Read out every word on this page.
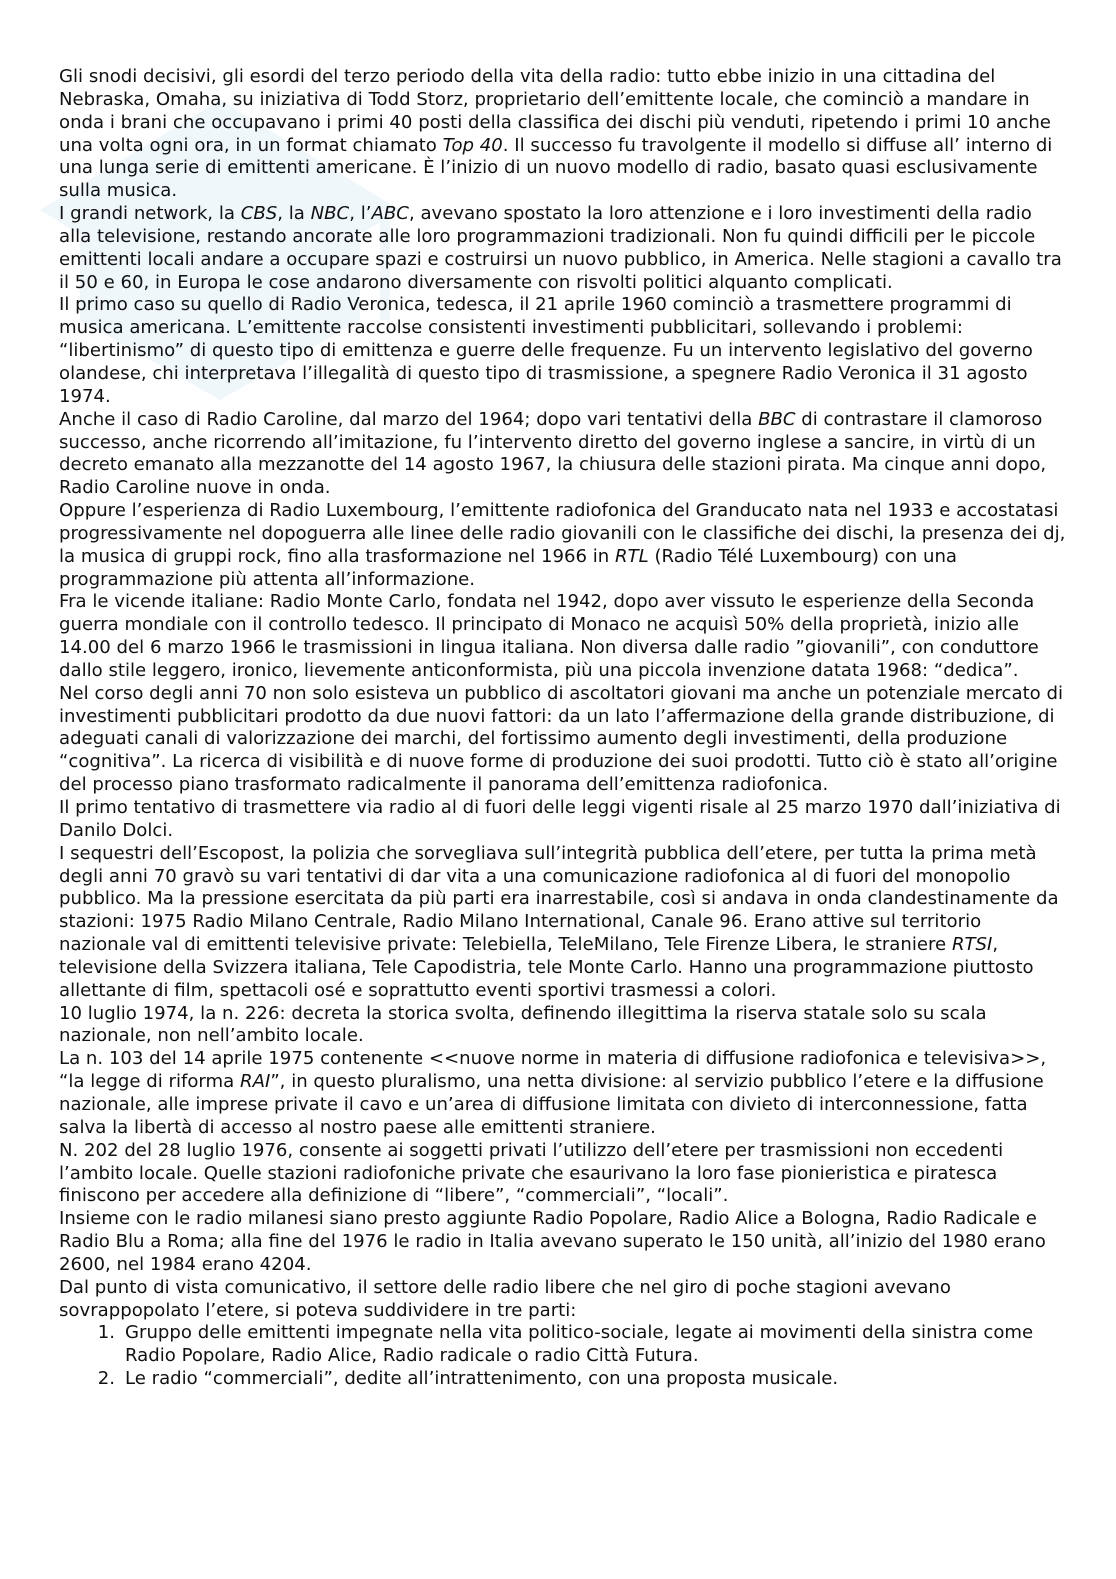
Gli snodi decisivi, gli esordi del terzo periodo della vita della radio: tutto ebbe inizio in una cittadina del Nebraska, Omaha, su iniziativa di Todd Storz, proprietario dell’emittente locale, che cominciò a mandare in onda i brani che occupavano i primi 40 posti della classifica dei dischi più venduti, ripetendo i primi 10 anche una volta ogni ora, in un format chiamato Top 40. Il successo fu travolgente il modello si diffuse all’ interno di una lunga serie di emittenti americane. È l’inizio di un nuovo modello di radio, basato quasi esclusivamente sulla musica.

I grandi network, la CBS, la NBC, l’ABC, avevano spostato la loro attenzione e i loro investimenti della radio alla televisione, restando ancorate alle loro programmazioni tradizionali. Non fu quindi difficili per le piccole emittenti locali andare a occupare spazi e costruirsi un nuovo pubblico, in America. Nelle stagioni a cavallo tra il 50 e 60, in Europa le cose andarono diversamente con risvolti politici alquanto complicati.

Il primo caso su quello di Radio Veronica, tedesca, il 21 aprile 1960 cominciò a trasmettere programmi di musica americana. L’emittente raccolse consistenti investimenti pubblicitari, sollevando i problemi: “libertinismo” di questo tipo di emittenza e guerre delle frequenze. Fu un intervento legislativo del governo olandese, chi interpretava l’illegalità di questo tipo di trasmissione, a spegnere Radio Veronica il 31 agosto 1974.

Anche il caso di Radio Caroline, dal marzo del 1964; dopo vari tentativi della BBC di contrastare il clamoroso successo, anche ricorrendo all’imitazione, fu l’intervento diretto del governo inglese a sancire, in virtù di un decreto emanato alla mezzanotte del 14 agosto 1967, la chiusura delle stazioni pirata. Ma cinque anni dopo, Radio Caroline nuove in onda.

Oppure l’esperienza di Radio Luxembourg, l’emittente radiofonica del Granducato nata nel 1933 e accostatasi progressivamente nel dopoguerra alle linee delle radio giovanili con le classifiche dei dischi, la presenza dei dj, la musica di gruppi rock, fino alla trasformazione nel 1966 in RTL (Radio Télé Luxembourg) con una programmazione più attenta all’informazione.

Fra le vicende italiane: Radio Monte Carlo, fondata nel 1942, dopo aver vissuto le esperienze della Seconda guerra mondiale con il controllo tedesco. Il principato di Monaco ne acquisì 50% della proprietà, inizio alle 14.00 del 6 marzo 1966 le trasmissioni in lingua italiana. Non diversa dalle radio ”giovanili”, con conduttore dallo stile leggero, ironico, lievemente anticonformista, più una piccola invenzione datata 1968: “dedica”.

Nel corso degli anni 70 non solo esisteva un pubblico di ascoltatori giovani ma anche un potenziale mercato di investimenti pubblicitari prodotto da due nuovi fattori: da un lato l’affermazione della grande distribuzione, di adeguati canali di valorizzazione dei marchi, del fortissimo aumento degli investimenti, della produzione “cognitiva”. La ricerca di visibilità e di nuove forme di produzione dei suoi prodotti. Tutto ciò è stato all’origine del processo piano trasformato radicalmente il panorama dell’emittenza radiofonica.

Il primo tentativo di trasmettere via radio al di fuori delle leggi vigenti risale al 25 marzo 1970 dall’iniziativa di Danilo Dolci.

I sequestri dell’Escopost, la polizia che sorvegliava sull’integrità pubblica dell’etere, per tutta la prima metà degli anni 70 gravò su vari tentativi di dar vita a una comunicazione radiofonica al di fuori del monopolio pubblico. Ma la pressione esercitata da più parti era inarrestabile, così si andava in onda clandestinamente da stazioni: 1975 Radio Milano Centrale, Radio Milano International, Canale 96. Erano attive sul territorio nazionale val di emittenti televisive private: Telebiella, TeleMilano, Tele Firenze Libera, le straniere RTSI, televisione della Svizzera italiana, Tele Capodistria, tele Monte Carlo. Hanno una programmazione piuttosto allettante di film, spettacoli osé e soprattutto eventi sportivi trasmessi a colori.

10 luglio 1974, la n. 226: decreta la storica svolta, definendo illegittima la riserva statale solo su scala nazionale, non nell’ambito locale.

La n. 103 del 14 aprile 1975 contenente <<nuove norme in materia di diffusione radiofonica e televisiva>>, “la legge di riforma RAI”, in questo pluralismo, una netta divisione: al servizio pubblico l’etere e la diffusione nazionale, alle imprese private il cavo e un’area di diffusione limitata con divieto di interconnessione, fatta salva la libertà di accesso al nostro paese alle emittenti straniere.

N. 202 del 28 luglio 1976, consente ai soggetti privati l’utilizzo dell’etere per trasmissioni non eccedenti l’ambito locale. Quelle stazioni radiofoniche private che esaurivano la loro fase pionieristica e piratesca finiscono per accedere alla definizione di “libere”, “commerciali”, “locali”.

Insieme con le radio milanesi siano presto aggiunte Radio Popolare, Radio Alice a Bologna, Radio Radicale e Radio Blu a Roma; alla fine del 1976 le radio in Italia avevano superato le 150 unità, all’inizio del 1980 erano 2600, nel 1984 erano 4204.

Dal punto di vista comunicativo, il settore delle radio libere che nel giro di poche stagioni avevano sovrappopolato l’etere, si poteva suddividere in tre parti:

1. Gruppo delle emittenti impegnate nella vita politico-sociale, legate ai movimenti della sinistra come Radio Popolare, Radio Alice, Radio radicale o radio Città Futura.
2. Le radio “commerciali”, dedite all’intrattenimento, con una proposta musicale.
